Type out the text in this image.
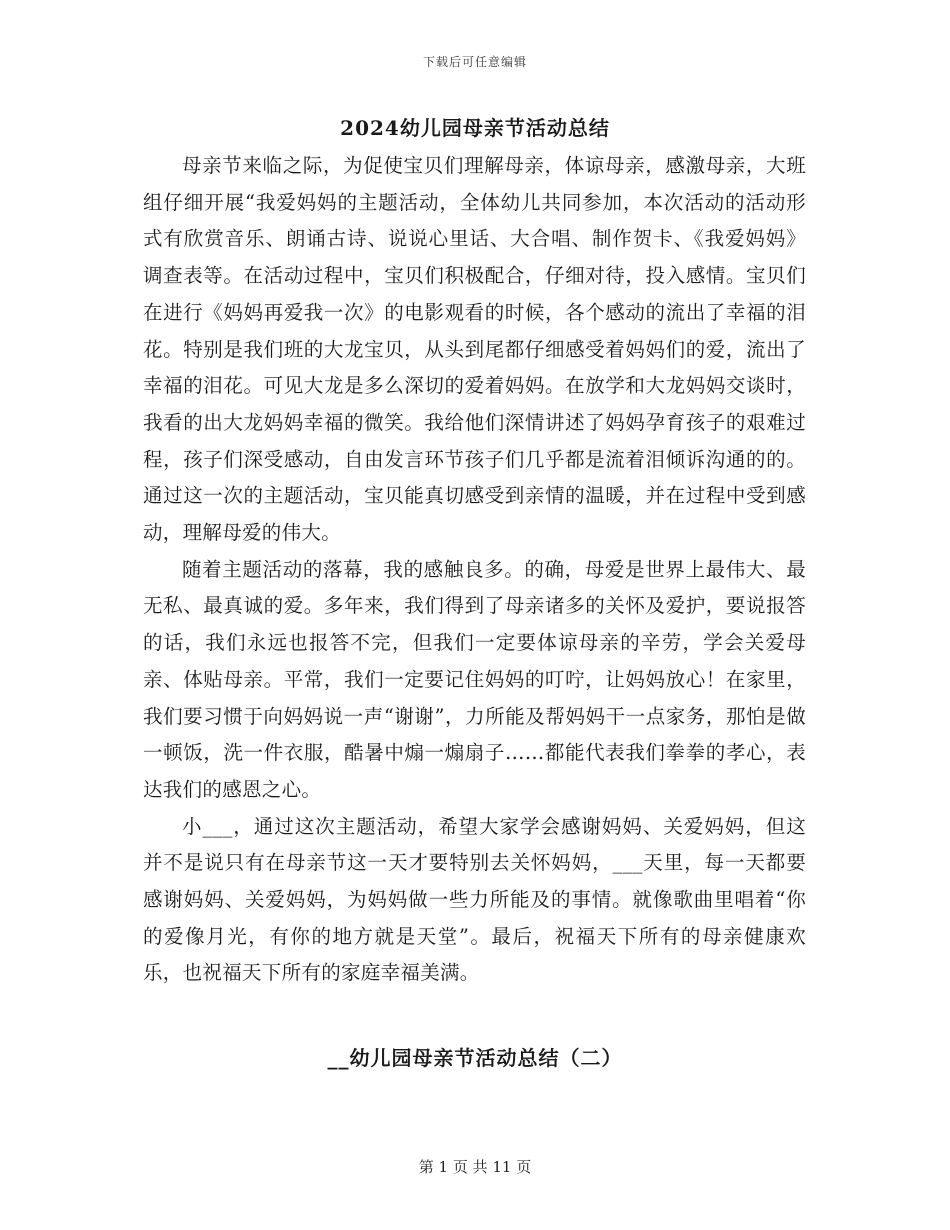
下载后可任意编辑
2024幼儿园母亲节活动总结

母亲节来临之际，为促使宝贝们理解母亲，体谅母亲，感激母亲，大班组仔细开展“我爱妈妈的主题活动，全体幼儿共同参加，本次活动的活动形式有欣赏音乐、朗诵古诗、说说心里话、大合唱、制作贺卡、《我爱妈妈》调查表等。在活动过程中，宝贝们积极配合，仔细对待，投入感情。宝贝们在进行《妈妈再爱我一次》的电影观看的时候，各个感动的流出了幸福的泪花。特别是我们班的大龙宝贝，从头到尾都仔细感受着妈妈们的爱，流出了幸福的泪花。可见大龙是多么深切的爱着妈妈。在放学和大龙妈妈交谈时，我看的出大龙妈妈幸福的微笑。我给他们深情讲述了妈妈孕育孩子的艰难过程，孩子们深受感动，自由发言环节孩子们几乎都是流着泪倾诉沟通的的。通过这一次的主题活动，宝贝能真切感受到亲情的温暖，并在过程中受到感动，理解母爱的伟大。

随着主题活动的落幕，我的感触良多。的确，母爱是世界上最伟大、最无私、最真诚的爱。多年来，我们得到了母亲诸多的关怀及爱护，要说报答的话，我们永远也报答不完，但我们一定要体谅母亲的辛劳，学会关爱母亲、体贴母亲。平常，我们一定要记住妈妈的叮咛，让妈妈放心！在家里，我们要习惯于向妈妈说一声“谢谢”，力所能及帮妈妈干一点家务，那怕是做一顿饭，洗一件衣服，酷暑中煽一煽扇子……都能代表我们拳拳的孝心，表达我们的感恩之心。

小___，通过这次主题活动，希望大家学会感谢妈妈、关爱妈妈，但这并不是说只有在母亲节这一天才要特别去关怀妈妈，___天里，每一天都要感谢妈妈、关爱妈妈，为妈妈做一些力所能及的事情。就像歌曲里唱着“你的爱像月光，有你的地方就是天堂”。最后，祝福天下所有的母亲健康欢乐，也祝福天下所有的家庭幸福美满。

__幼儿园母亲节活动总结（二）
第 1 页 共 11 页
